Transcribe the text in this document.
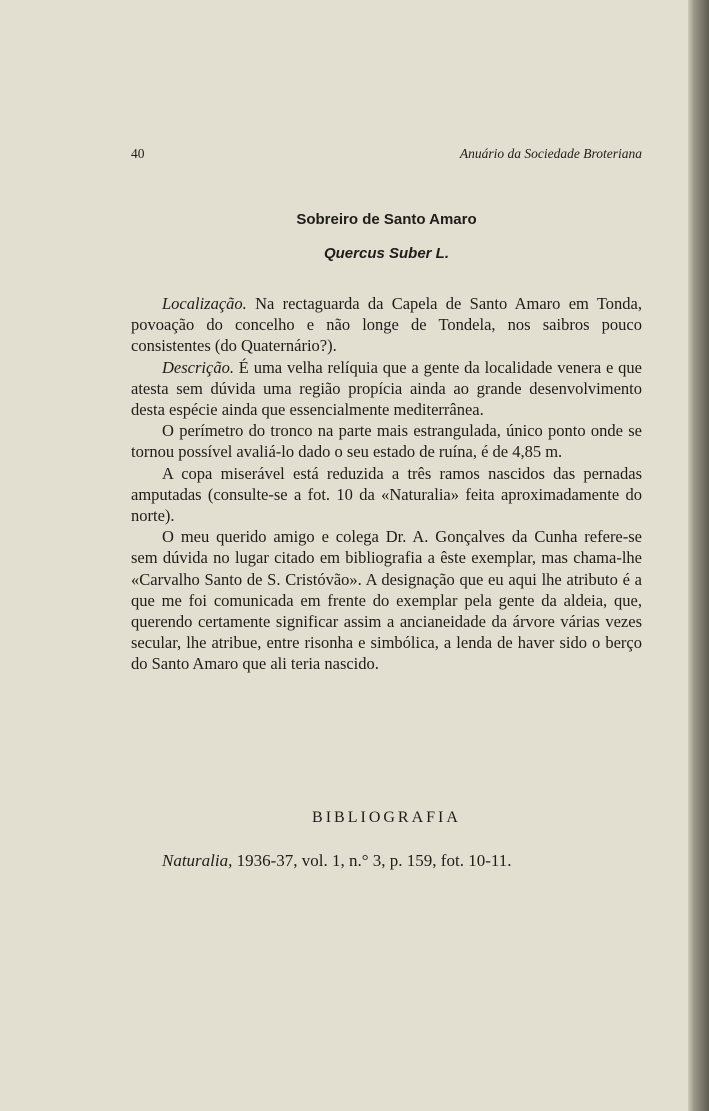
40	Anuário da Sociedade Broteriana
Sobreiro de Santo Amaro
Quercus Suber L.

Localização. Na rectaguarda da Capela de Santo Amaro em Tonda, povoação do concelho e não longe de Tondela, nos saibros pouco consistentes (do Quaternário?).

Descrição. É uma velha relíquia que a gente da localidade venera e que atesta sem dúvida uma região propícia ainda ao grande desenvolvimento desta espécie ainda que essencialmente mediterrânea.

O perímetro do tronco na parte mais estrangulada, único ponto onde se tornou possível avaliá-lo dado o seu estado de ruína, é de 4,85 m.

A copa miserável está reduzida a três ramos nascidos das pernadas amputadas (consulte-se a fot. 10 da «Naturalia» feita aproximadamente do norte).

O meu querido amigo e colega Dr. A. Gonçalves da Cunha refere-se sem dúvida no lugar citado em bibliografia a êste exemplar, mas chama-lhe «Carvalho Santo de S. Cristóvão». A designação que eu aqui lhe atributo é a que me foi comunicada em frente do exemplar pela gente da aldeia, que, querendo certamente significar assim a ancianeidade da árvore várias vezes secular, lhe atribue, entre risonha e simbólica, a lenda de haver sido o berço do Santo Amaro que ali teria nascido.

BIBLIOGRAFIA
Naturalia, 1936-37, vol. 1, n.° 3, p. 159, fot. 10-11.
